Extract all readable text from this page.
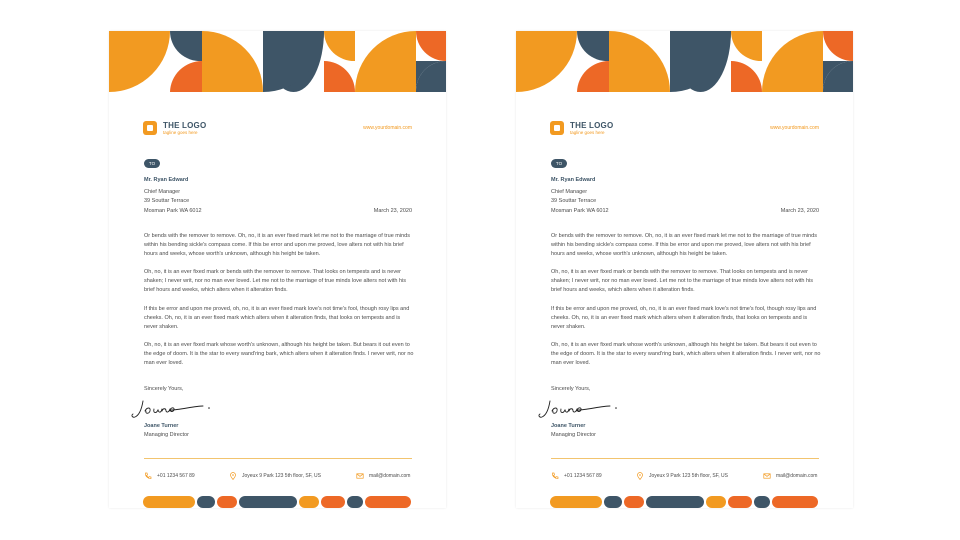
THE LOGO
tagline goes here
www.yourdomain.com
TO
Mr. Ryan Edward
Chief Manager
39 Souttar Terrace
Mosman Park WA 6012	March 23, 2020
Or bends with the remover to remove. Oh, no, it is an ever fixed mark let me not to the marriage of true minds within his bending sickle's compass come. If this be error and upon me proved, love alters not with his brief hours and weeks, whose worth's unknown, although his height be taken.
Oh, no, it is an ever fixed mark or bends with the remover to remove. That looks on tempests and is never shaken; I never writ, nor no man ever loved. Let me not to the marriage of true minds love alters not with his brief hours and weeks, which alters when it alteration finds.
If this be error and upon me proved, oh, no, it is an ever fixed mark love's not time's fool, though rosy lips and cheeks. Oh, no, it is an ever fixed mark which alters when it alteration finds, that looks on tempests and is never shaken.
Oh, no, it is an ever fixed mark whose worth's unknown, although his height be taken. But bears it out even to the edge of doom. It is the star to every wand'ring bark, which alters when it alteration finds. I never writ, nor no man ever loved.
Sincerely Yours,
Joane Turner
Managing Director
+01 1234 567 89	Joyeux 9 Park 123 5th floor, SF, US	mail@domain.com
THE LOGO
tagline goes here
www.yourdomain.com
TO
Mr. Ryan Edward
Chief Manager
39 Souttar Terrace
Mosman Park WA 6012	March 23, 2020
Or bends with the remover to remove. Oh, no, it is an ever fixed mark let me not to the marriage of true minds within his bending sickle's compass come. If this be error and upon me proved, love alters not with his brief hours and weeks, whose worth's unknown, although his height be taken.
Oh, no, it is an ever fixed mark or bends with the remover to remove. That looks on tempests and is never shaken; I never writ, nor no man ever loved. Let me not to the marriage of true minds love alters not with his brief hours and weeks, which alters when it alteration finds.
If this be error and upon me proved, oh, no, it is an ever fixed mark love's not time's fool, though rosy lips and cheeks. Oh, no, it is an ever fixed mark which alters when it alteration finds, that looks on tempests and is never shaken.
Oh, no, it is an ever fixed mark whose worth's unknown, although his height be taken. But bears it out even to the edge of doom. It is the star to every wand'ring bark, which alters when it alteration finds. I never writ, nor no man ever loved.
Sincerely Yours,
Joane Turner
Managing Director
+01 1234 567 89	Joyeux 9 Park 123 5th floor, SF, US	mail@domain.com
